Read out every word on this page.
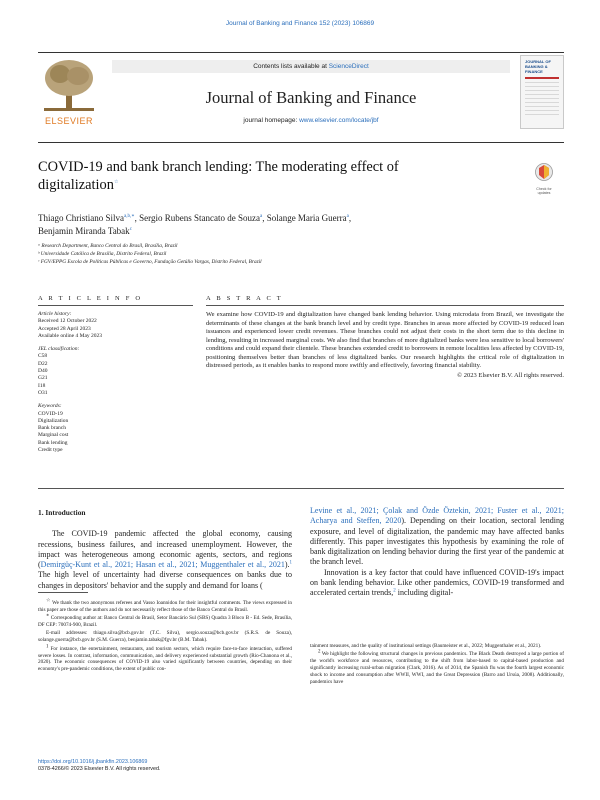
Journal of Banking and Finance 152 (2023) 106869
ELSEVIER
Contents lists available at ScienceDirect
Journal of Banking and Finance
journal homepage: www.elsevier.com/locate/jbf
JOURNAL OF BANKING & FINANCE
COVID-19 and bank branch lending: The moderating effect of digitalization☆
Check for updates
Thiago Christiano Silva$^{a,b,∗}$, Sergio Rubens Stancato de Souza$^a$, Solange Maria Guerra$^a$,
Benjamin Miranda Tabak$^c$
ᵃ Research Department, Banco Central do Brasil, Brasília, Brazil
ᵇ Universidade Católica de Brasília, Distrito Federal, Brazil
ᶜ FGV/EPPG Escola de Políticas Públicas e Governo, Fundação Getúlio Vargas, Distrito Federal, Brazil
A R T I C L E I N F O	A B S T R A C T
Article history:
Received 12 October 2022
Accepted 28 April 2023
Available online 4 May 2023
JEL classification:
C58
D22
D40
G21
I18
O31
Keywords:
COVID-19
Digitalization
Bank branch
Marginal cost
Bank lending
Credit type
We examine how COVID-19 and digitalization have changed bank lending behavior. Using microdata from Brazil, we investigate the determinants of these changes at the bank branch level and by credit type. Branches in areas more affected by COVID-19 reduced loan issuances and experienced lower credit revenues. These branches could not adjust their costs in the short term due to this decline in lending, resulting in increased marginal costs. We also find that branches of more digitalized banks were less sensitive to local borrowers' conditions and could expand their clientele. These branches extended credit to borrowers in remote localities less affected by COVID-19, positioning themselves better than branches of less digitalized banks. Our research highlights the critical role of digitalization in distressed periods, as it enables banks to respond more swiftly and effectively, favoring financial stability.
© 2023 Elsevier B.V. All rights reserved.
1. Introduction

The COVID-19 pandemic affected the global economy, causing recessions, business failures, and increased unemployment. However, the impact was heterogeneous among economic agents, sectors, and regions (Demirgüç-Kunt et al., 2021; Hasan et al., 2021; Muggenthaler et al., 2021).$^1$ The high level of uncertainty had diverse consequences on banks due to changes in depositors' behavior and the supply and demand for loans (

☆ We thank the two anonymous referees and Vasso Ioannidou for their insightful comments. The views expressed in this paper are those of the authors and do not necessarily reflect those of the Banco Central do Brasil.

∗ Corresponding author at: Banco Central do Brasil, Setor Bancário Sul (SBS) Quadra 3 Bloco B - Ed. Sede, Brasília, DF CEP: 70074-900, Brazil.

E-mail addresses: thiago.silva@bcb.gov.br (T.C. Silva), sergio.souza@bcb.gov.br (S.R.S. de Souza), solange.guerra@bcb.gov.br (S.M. Guerra), benjamin.tabak@fgv.br (B.M. Tabak).

$^1$ For instance, the entertainment, restaurants, and tourism sectors, which require face-to-face interaction, suffered severe losses. In contrast, information, communication, and delivery experienced substantial growth (Rio-Chanona et al., 2020). The economic consequences of COVID-19 also varied significantly between countries, depending on their economy's pre-pandemic conditions, the extent of public con-

Levine et al., 2021; Çolak and Özde Öztekin, 2021; Fuster et al., 2021; Acharya and Steffen, 2020). Depending on their location, sectoral lending exposure, and level of digitalization, the pandemic may have affected banks differently. This paper investigates this hypothesis by examining the role of bank digitalization on lending behavior during the first year of the pandemic at the branch level.

Innovation is a key factor that could have influenced COVID-19's impact on bank lending behavior. Like other pandemics, COVID-19 transformed and accelerated certain trends,$^2$ including digital-

tainment measures, and the quality of institutional settings (Baumeister et al., 2022; Muggenthaler et al., 2021).

$^2$ We highlight the following structural changes in previous pandemics. The Black Death destroyed a large portion of the world's workforce and resources, contributing to the shift from labor-based to capital-based production and significantly increasing rural-urban migration (Clark, 2016). As of 2014, the Spanish flu was the fourth largest economic shock to income and consumption after WWII, WWI, and the Great Depression (Barro and Ursúa, 2008). Additionally, pandemics have

https://doi.org/10.1016/j.jbankfin.2023.106869
0378-4266/© 2023 Elsevier B.V. All rights reserved.
